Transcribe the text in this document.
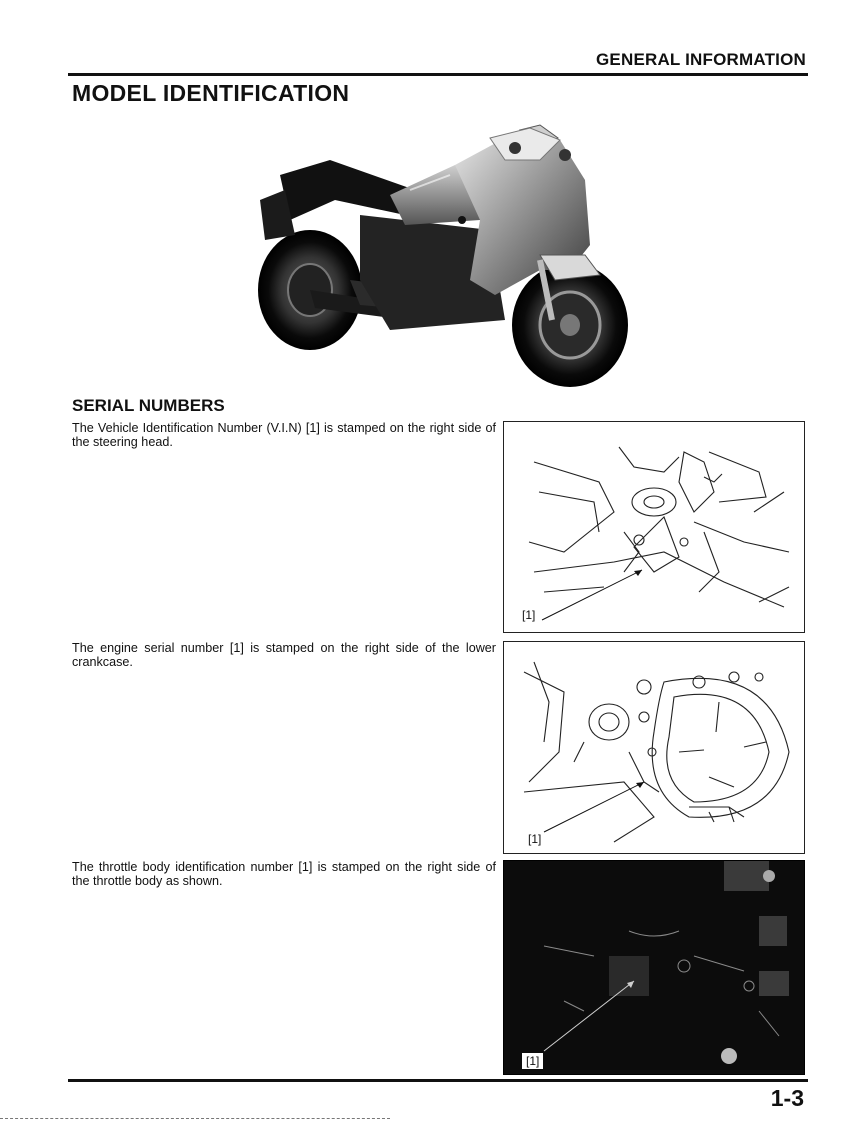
GENERAL INFORMATION
MODEL IDENTIFICATION
SERIAL NUMBERS
The Vehicle Identification Number (V.I.N) [1] is stamped on the right side of the steering head.
The engine serial number [1] is stamped on the right side of the lower crankcase.
The throttle body identification number [1] is stamped on the right side of the throttle body as shown.
[1]
[1]
[1]
1-3
